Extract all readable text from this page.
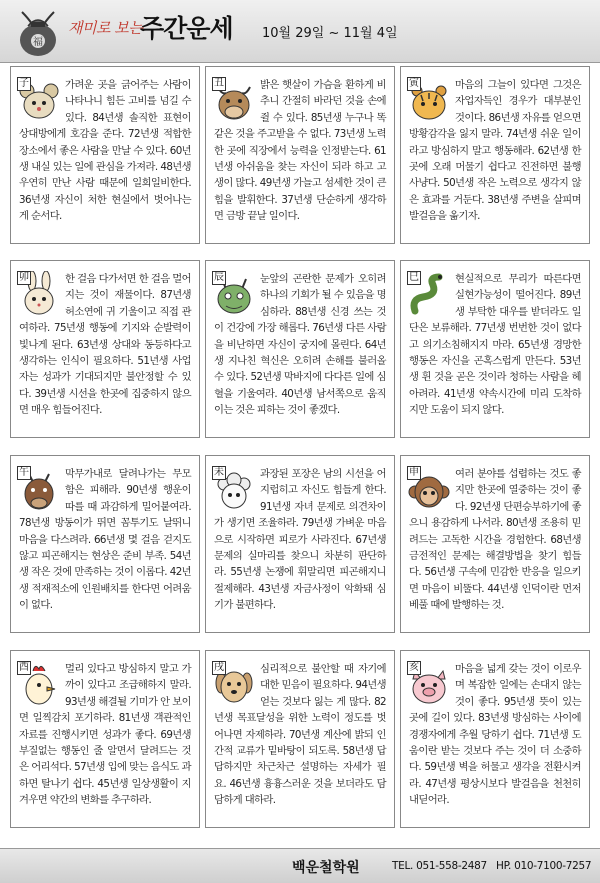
福
재미로 보는
주간운세 10월 29일 ~ 11월 4일
子	가려운 곳을 긁어주는 사람이 나타나니 힘든 고비를 넘길 수 있다. 84년생 솔직한 표현이 상대방에게 호감을 준다. 72년생 적합한 장소에서 좋은 사람을 만날 수 있다. 60년생 내실 있는 일에 관심을 가져라. 48년생 우연히 만난 사람 때문에 일희일비한다. 36년생 자신이 처한 현실에서 벗어나는 게 순서다.
丑	밝은 햇살이 가슴을 환하게 비추니 간절히 바라던 것을 손에 쥘 수 있다. 85년생 누구나 똑같은 것을 주고받을 수 없다. 73년생 노력한 곳에 직장에서 능력을 인정받는다. 61년생 아쉬움을 찾는 자신이 되라 하고 고생이 많다. 49년생 가늘고 섬세한 것이 큰 힘을 발휘한다. 37년생 단순하게 생각하면 금방 끝날 일이다.
寅	마음의 그늘이 있다면 그것은 자업자득인 경우가 대부분인 것이다. 86년생 자유를 얻으면 방황감각을 잃지 말라. 74년생 쉬운 일이라고 방심하지 말고 행동해라. 62년생 한 곳에 오래 머물기 쉽다고 진전하면 불행사냥다. 50년생 작은 노력으로 생각지 않은 효과를 거둔다. 38년생 주변을 살피며 발걸음을 옮기자.
卯	한 걸음 다가서면 한 걸음 멀어지는 것이 재물이다. 87년생 허소연에 귀 기울이고 직접 관여하라. 75년생 행동에 기지와 순발력이 빛나게 된다. 63년생 상대와 동등하다고 생각하는 인식이 필요하다. 51년생 사업자는 성과가 기대되지만 불안정할 수 있다. 39년생 시선을 한곳에 집중하지 않으면 매우 힘들어진다.
辰	눈앞의 곤란한 문제가 오히려 하나의 기회가 될 수 있음을 명심하라. 88년생 신경 쓰는 것이 건강에 가장 해롭다. 76년생 다른 사람을 비난하면 자신이 궁지에 몰린다. 64년생 지나친 혁신은 오히려 손해를 불러올 수 있다. 52년생 막바지에 다다른 일에 심혈을 기울여라. 40년생 남서쪽으로 움직이는 것은 피하는 것이 좋겠다.
巳	현실적으로 무리가 따른다면 실현가능성이 떨어진다. 89년생 부탁한 대우를 받더라도 일단은 보류해라. 77년생 번번한 것이 없다고 의기소침해지지 마라. 65년생 경망한 행동은 자신을 곤혹스럽게 만든다. 53년생 휜 것을 곧은 것이라 청하는 사람을 헤아려라. 41년생 약속시간에 미리 도착하지만 도움이 되지 않다.
午	막무가내로 달려나가는 무모함은 피해라. 90년생 행운이 따를 때 과감하게 밀어붙여라. 78년생 방동이가 뛰면 꼼투기도 날뛰니 마음을 다스려라. 66년생 몇 걸음 걷지도 않고 피곤해지는 현상은 준비 부족. 54년생 작은 것에 만족하는 것이 이롭다. 42년생 적재적소에 인원배치를 한다면 어려움이 없다.
未	과장된 포장은 남의 시선을 어지럽히고 자신도 힘들게 한다. 91년생 자녀 문제로 의견차이가 생기면 조율하라. 79년생 가벼운 마음으로 시작하면 피로가 사라진다. 67년생 문제의 실마리를 찾으니 차분히 판단하라. 55년생 논쟁에 휘말리면 피곤해지니 절제해라. 43년생 자금사정이 악화돼 심기가 불편하다.
申	여러 분야를 섭렵하는 것도 좋지만 한곳에 열중하는 것이 좋다. 92년생 단편승부하기에 좋으니 용감하게 나서라. 80년생 조용히 믿려드는 고독한 시간을 경험한다. 68년생 금전적인 문제는 해결방법을 찾기 힘들다. 56년생 구속에 민감한 반응을 일으키면 마음이 비뚤다. 44년생 인덕이란 먼저 베풀 때에 발행하는 것.
酉	멀리 있다고 방심하지 말고 가까이 있다고 조급해하지 말라. 93년생 해결될 기미가 안 보이면 일찍감치 포기하라. 81년생 객관적인 자료를 진행시키면 성과가 좋다. 69년생 부질없는 행동인 줄 알면서 달려드는 것은 어리석다. 57년생 입에 맞는 음식도 과하면 탈나기 쉽다. 45년생 일상생활이 지겨우면 약간의 변화를 추구하라.
戌	심리적으로 불안할 때 자기에 대한 믿음이 필요하다. 94년생 얻는 것보다 잃는 게 많다. 82년생 목표달성을 위한 노력이 정도를 벗어나면 자제하라. 70년생 계산에 밝되 인간적 교류가 밑바탕이 되도록. 58년생 답답하지만 차근차근 설명하는 자세가 필요. 46년생 흉흉스러운 것을 보더라도 담담하게 대하라.
亥	마음을 넓게 갖는 것이 이로우며 복잡한 일에는 손대지 않는 것이 좋다. 95년생 뜻이 있는 곳에 길이 있다. 83년생 방심하는 사이에 경쟁자에게 추월 당하기 쉽다. 71년생 도움이란 받는 것보다 주는 것이 더 소중하다. 59년생 벽을 허물고 생각을 전환시켜라. 47년생 평상시보다 발걸음을 천천히 내딛어라.
백운철학원	TEL. 051-558-2487 HP. 010-7100-7257
